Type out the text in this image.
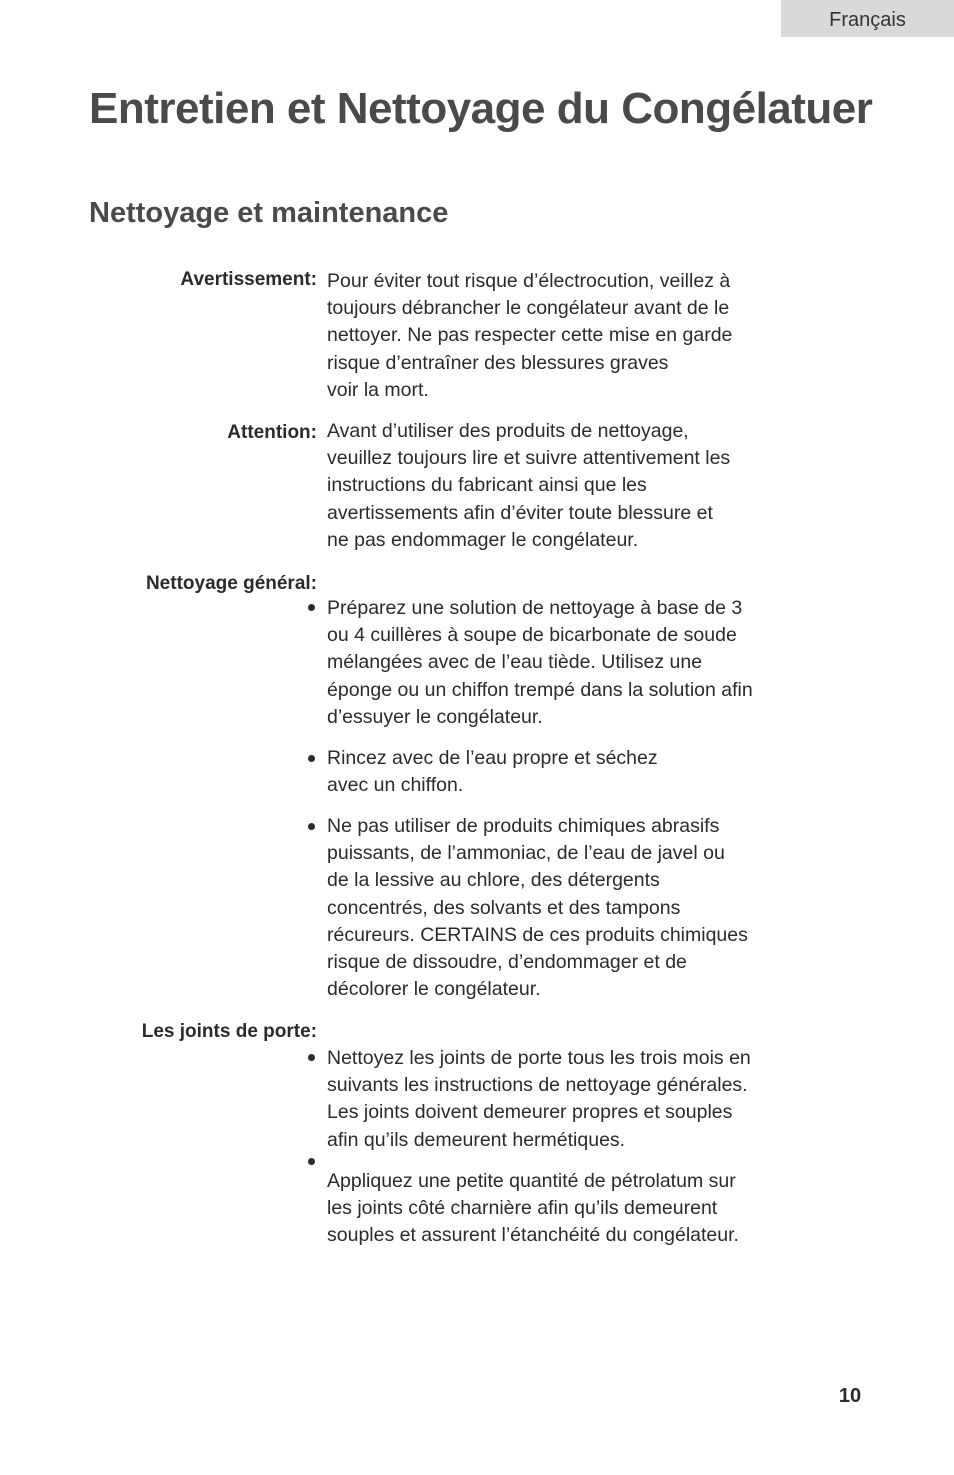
Français
Entretien et Nettoyage du Congélatuer
Nettoyage et maintenance
Avertissement: Pour éviter tout risque d’électrocution, veillez à
toujours débrancher le congélateur avant de le
nettoyer. Ne pas respecter cette mise en garde
risque d’entraîner des blessures graves
voir la mort.
Attention: Avant d’utiliser des produits de nettoyage,
veuillez toujours lire et suivre attentivement les
instructions du fabricant ainsi que les
avertissements afin d’éviter toute blessure et
ne pas endommager le congélateur.
Nettoyage général:
Préparez une solution de nettoyage à base de 3
ou 4 cuillères à soupe de bicarbonate de soude
mélangées avec de l’eau tiède. Utilisez une
éponge ou un chiffon trempé dans la solution afin
d’essuyer le congélateur.
Rincez avec de l’eau propre et séchez
avec un chiffon.
Ne pas utiliser de produits chimiques abrasifs
puissants, de l’ammoniac, de l’eau de javel ou
de la lessive au chlore, des détergents
concentrés, des solvants et des tampons
récureurs. CERTAINS de ces produits chimiques
risque de dissoudre, d’endommager et de
décolorer le congélateur.
Les joints de porte:
Nettoyez les joints de porte tous les trois mois en
suivants les instructions de nettoyage générales.
Les joints doivent demeurer propres et souples
afin qu’ils demeurent hermétiques.
Appliquez une petite quantité de pétrolatum sur
les joints côté charnière afin qu’ils demeurent
souples et assurent l’étanchéité du congélateur.
10
